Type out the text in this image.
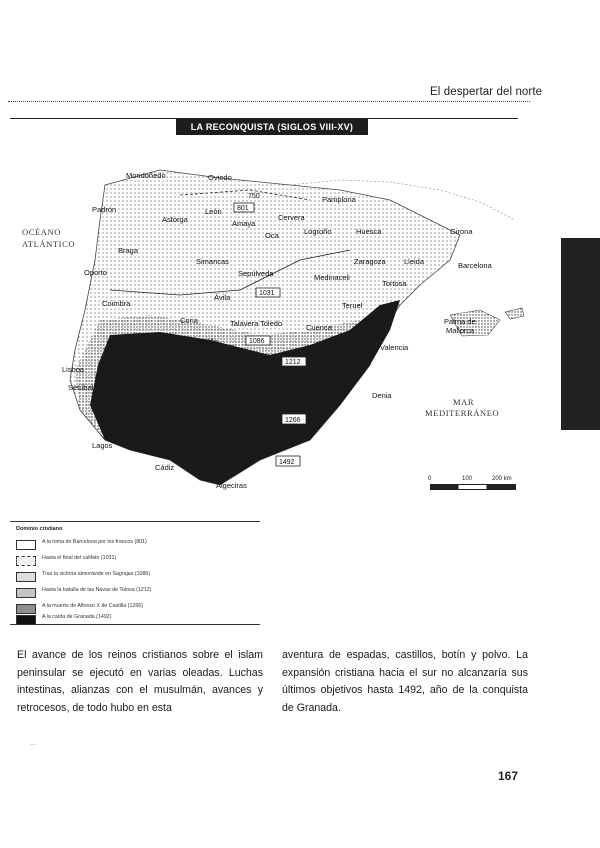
El despertar del norte
LA RECONQUISTA (SIGLOS VIII-XV)
OCÉANO
ATLÁNTICO
MAR
MEDITERRÁNEO
Mondoñedo	Oviedo
Padrón
Astorga
León
Amaya
Pamplona
Cervera
Logroño
Oca
Braga
Huesca	Girona
Simancas
Sepúlveda
Zaragoza Lleida	Barcelona
Oporto
Medinaceli
Tortosa
Ávila
Coimbra	Teruel
Palma de
Mallorca
Coria	Talavera Toledo	Cuenca
Trujillo
Valencia
Lisboa
Setúbal
Denia
Lagos
Cádiz
Algeciras
750
801
1031
1086
1212
1266
1492
0	100	200 km
Dominio cristiano
A la toma de Barcelona por los francos (801)
Hasta el final del califato (1031)
Tras la victoria almorávide en Sagrajas (1086)
Hasta la batalla de las Navas de Tolosa (1212)
A la muerte de Alfonso X de Castilla (1266)
A la caída de Granada (1492)
El avance de los reinos cristianos sobre el islam peninsular se ejecutó en varias oleadas. Luchas intestinas, alianzas con el musulmán, avances y retrocesos, de todo hubo en esta
aventura de espadas, castillos, botín y polvo. La expansión cristiana hacia el sur no alcanzaría sus últimos objetivos hasta 1492, año de la conquista de Granada.
...
167
